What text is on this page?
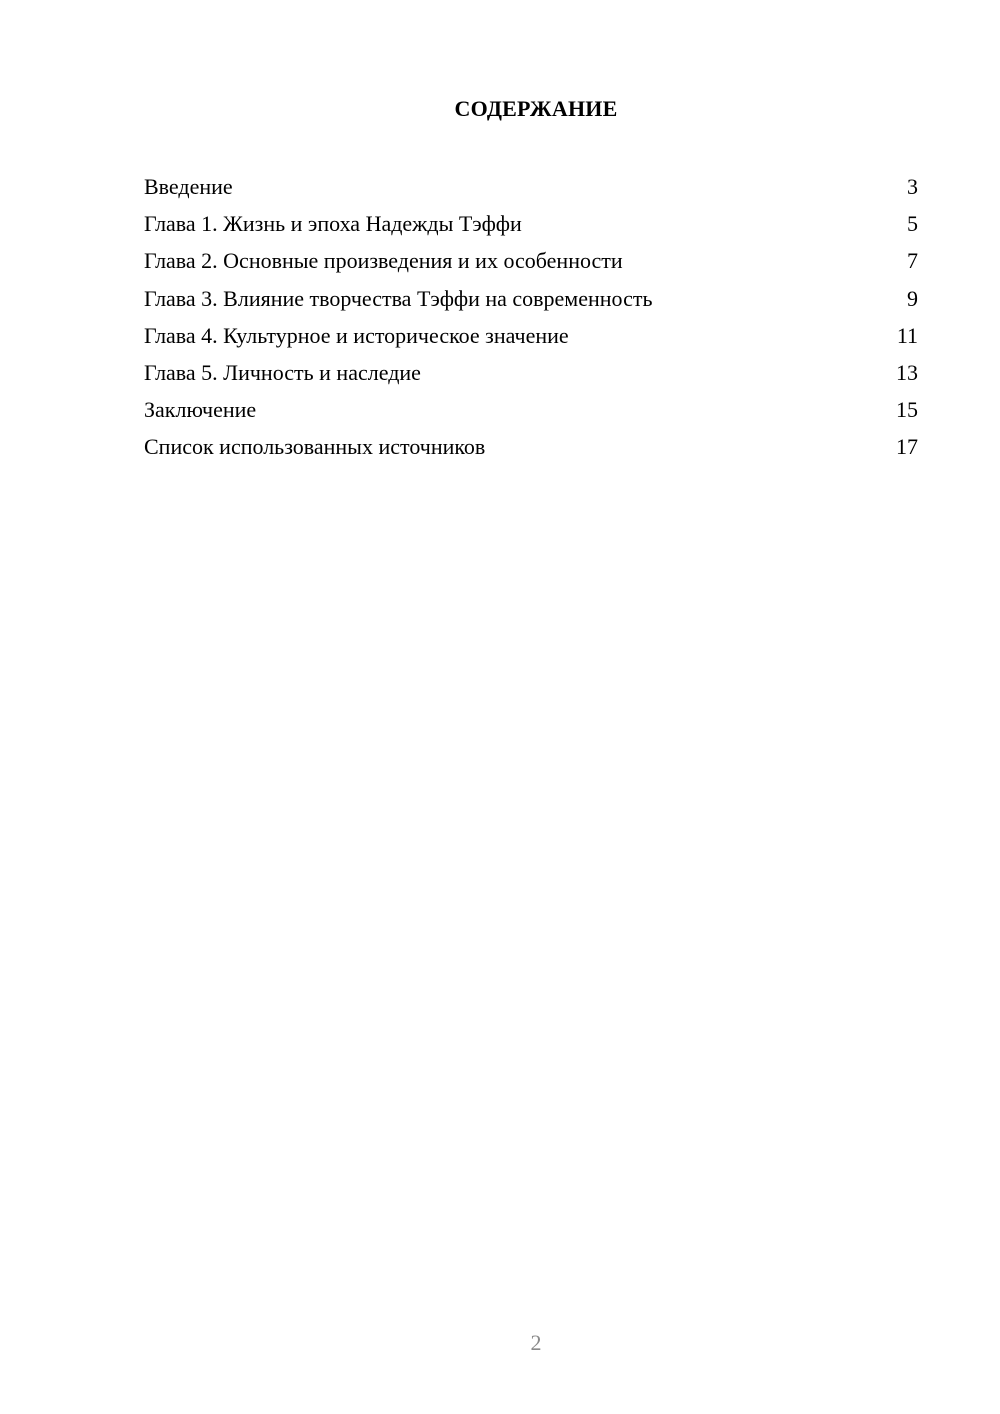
СОДЕРЖАНИЕ
Введение	3
Глава 1. Жизнь и эпоха Надежды Тэффи	5
Глава 2. Основные произведения и их особенности	7
Глава 3. Влияние творчества Тэффи на современность	9
Глава 4. Культурное и историческое значение	11
Глава 5. Личность и наследие	13
Заключение	15
Список использованных источников	17
2
